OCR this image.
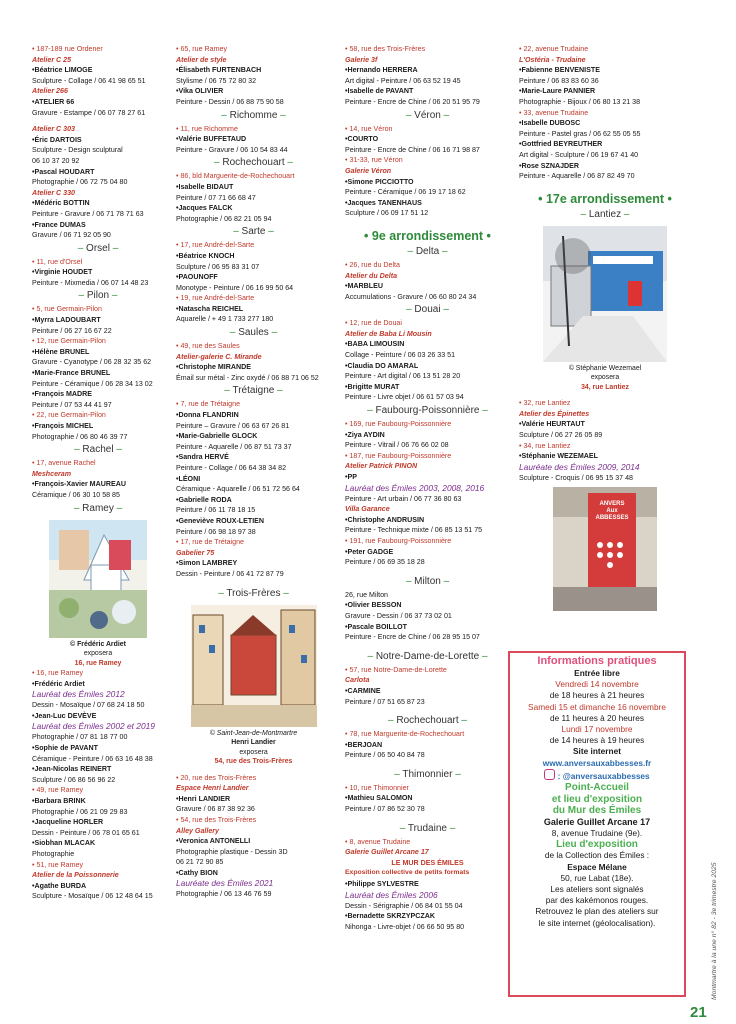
• 187-189 rue Ordener
Atelier C 25
• Béatrice LIMOGE
Sculpture - Collage / 06 41 98 65 51
Atelier 266
• ATELIER 66
Gravure - Estampe / 06 07 78 27 61
Atelier C 303
• Éric DARTOIS
Sculpture - Design sculptural
06 10 37 20 92
• Pascal HOUDART
Photographie / 06 72 75 04 80
Atelier C 330
• Médéric BOTTIN
Peinture - Gravure / 06 71 78 71 63
• France DUMAS
Gravure / 06 71 92 05 90
– Orsel –
• 11, rue d'Orsel
• Virginie HOUDET
Peinture - Mixmedia / 06 07 14 48 23
– Pilon –
• 5, rue Germain-Pilon
• Myrra LADOUBART
Peinture / 06 27 16 67 22
• 12, rue Germain-Pilon
• Hélène BRUNEL
Gravure - Cyanotype / 06 28 32 35 62
• Marie-France BRUNEL
Peinture - Céramique / 06 28 34 13 02
• François MADRE
Peinture / 07 53 44 41 97
• 22, rue Germain-Pilon
• François MICHEL
Photographie / 06 80 46 39 77
– Rachel –
• 17, avenue Rachel
Meshceram
• François-Xavier MAUREAU
Céramique / 06 30 10 58 85
– Ramey –
© Frédéric Ardiet
exposera
16, rue Ramey
• 16, rue Ramey
• Frédéric Ardiet
Lauréat des Émiles 2012
Dessin - Mosaïque / 07 68 24 18 50
• Jean-Luc DEVÈVE
Lauréat des Émiles 2002 et 2019
Photographie / 07 81 18 77 00
• Sophie de PAVANT
Céramique - Peinture / 06 63 16 48 38
• Jean-Nicolas REINERT
Sculpture / 06 86 56 96 22
• 49, rue Ramey
• Barbara BRINK
Photographie / 06 21 09 29 83
• Jacqueline HORLER
Dessin - Peinture / 06 78 01 65 61
• Siobhan MLACAK
Photographie
• 51, rue Ramey
Atelier de la Poissonnerie
• Agathe BURDA
Sculpture - Mosaïque / 06 12 48 64 15
• 65, rue Ramey
Atelier de style
• Élisabeth FURTENBACH
Stylisme / 06 75 72 80 32
• Vika OLIVIER
Peinture - Dessin / 06 88 75 90 58
– Richomme –
• 11, rue Richomme
• Valérie BUFFETAUD
Peinture - Gravure / 06 10 54 83 44
– Rochechouart –
• 86, bld Marguerite-de-Rochechouart
• Isabelle BIDAUT
Peinture / 07 71 66 68 47
• Jacques FALCK
Photographie / 06 82 21 05 94
– Sarte –
• 17, rue André-del-Sarte
• Béatrice KNOCH
Sculpture / 06 95 83 31 07
• PAOUNOFF
Monotype - Peinture / 06 16 99 50 64
• 19, rue André-del-Sarte
• Natascha REICHEL
Aquarelle / + 49 1 733 277 180
– Saules –
• 49, rue des Saules
Atelier-galerie C. Mirande
• Christophe MIRANDE
Émail sur métal - Zinc oxydé / 06 88 71 06 52
– Trétaigne –
• 7, rue de Trétaigne
• Donna FLANDRIN
Peinture – Gravure / 06 63 67 26 81
• Marie-Gabrielle GLOCK
Peinture - Aquarelle / 06 87 51 73 37
• Sandra HERVÉ
Peinture - Collage / 06 64 38 34 82
• LÉONI
Céramique - Aquarelle / 06 51 72 56 64
• Gabrielle RODA
Peinture / 06 11 78 18 15
• Geneviève ROUX-LETIEN
Peinture / 06 98 18 97 38
• 17, rue de Trétaigne
Gabelier 75
• Simon LAMBREY
Dessin - Peinture / 06 41 72 87 79
– Trois-Frères –
© Saint-Jean-de-Montmartre
Henri Landier
exposera
54, rue des Trois-Frères
• 20, rue des Trois-Frères
Espace Henri Landier
• Henri LANDIER
Gravure / 06 87 38 92 36
• 54, rue des Trois-Frères
Alley Gallery
• Veronica ANTONELLI
Photographie plastique - Dessin 3D
06 21 72 90 85
• Cathy BION
Lauréate des Émiles 2021
Photographie / 06 13 46 76 59
• 58, rue des Trois-Frères
Galerie 3f
• Hernando HERRERA
Art digital - Peinture / 06 63 52 19 45
• Isabelle de PAVANT
Peinture - Encre de Chine / 06 20 51 95 79
– Véron –
• 14, rue Véron
• COURTO
Peinture - Encre de Chine / 06 16 71 98 87
• 31-33, rue Véron
Galerie Véron
• Simone PICCIOTTO
Peinture - Céramique / 06 19 17 18 62
• Jacques TANENHAUS
Sculpture / 06 09 17 51 12
• 9e arrondissement •
– Delta –
• 26, rue du Delta
Atelier du Delta
• MARBLEU
Accumulations - Gravure / 06 60 80 24 34
– Douai –
• 12, rue de Douai
Atelier de Baba Li Mousin
• BABA LIMOUSIN
Collage - Peinture / 06 03 26 33 51
• Claudia DO AMARAL
Peinture - Art digital / 06 13 51 28 20
• Brigitte MURAT
Peinture - Livre objet / 06 61 57 03 94
– Faubourg-Poissonnière –
• 169, rue Faubourg-Poissonnière
• Ziya AYDIN
Peinture - Vitrail / 06 76 66 02 08
• 187, rue Faubourg-Poissonnière
Atelier Patrick PINON
• PP
Lauréat des Émiles 2003, 2008, 2016
Peinture - Art urbain / 06 77 36 80 63
Villa Garance
• Christophe ANDRUSIN
Peinture - Technique mixte / 06 85 13 51 75
• 191, rue Faubourg-Poissonnière
• Peter GADGE
Peinture / 06 69 35 18 28
– Milton –
26, rue Milton
• Olivier BESSON
Gravure - Dessin / 06 37 73 02 01
• Pascale BOILLOT
Peinture - Encre de Chine / 06 28 95 15 07
– Notre-Dame-de-Lorette –
• 57, rue Notre-Dame-de-Lorette
Carlota
• CARMINE
Peinture / 07 51 65 87 23
– Rochechouart –
• 78, rue Marguerite-de-Rochechouart
• BERJOAN
Peinture / 06 50 40 84 78
– Thimonnier –
• 10, rue Thimonnier
• Mathieu SALOMON
Peinture / 07 86 52 30 78
– Trudaine –
• 8, avenue Trudaine
Galerie Guillet Arcane 17
LE MUR DES ÉMILES
Exposition collective de petits formats
• Philippe SYLVESTRE
Lauréat des Émiles 2006
Dessin - Sérigraphie / 06 84 01 55 04
• Bernadette SKRZYPCZAK
Nihonga - Livre-objet / 06 66 50 95 80
• 22, avenue Trudaine
L'Ostéria - Trudaine
• Fabienne BENVENISTE
Peinture / 06 83 83 60 36
• Marie-Laure PANNIER
Photographie - Bijoux / 06 80 13 21 38
• 33, avenue Trudaine
• Isabelle DUBOSC
Peinture - Pastel gras / 06 62 55 05 55
• Gottfried BEYREUTHER
Art digital - Sculpture / 06 19 67 41 40
• Rose SZNAJDER
Peinture - Aquarelle / 06 87 82 49 70
• 17e arrondissement •
– Lantiez –
© Stéphanie Wezemael
exposera
34, rue Lantiez
• 32, rue Lantiez
Atelier des Épinettes
• Valérie HEURTAUT
Sculpture / 06 27 26 05 89
• 34, rue Lantiez
• Stéphanie WEZEMAEL
Lauréate des Émiles 2009, 2014
Sculpture - Croquis / 06 95 15 37 48
ANVERS
Aux
ABBESSES
Informations pratiques
Entrée libre
Vendredi 14 novembre
de 18 heures à 21 heures
Samedi 15 et dimanche 16 novembre
de 11 heures à 20 heures
Lundi 17 novembre
de 14 heures à 19 heures
Site internet
www.anversauxabbesses.fr
: @anversauxabbesses
Point-Accueil
et lieu d'exposition
du Mur des Émiles
Galerie Guillet Arcane 17
8, avenue Trudaine (9e).
Lieu d'exposition
de la Collection des Émiles :
Espace Mélane
50, rue Labat (18e).
Les ateliers sont signalés
par des kakémonos rouges.
Retrouvez le plan des ateliers sur
le site internet (géolocalisation).	Montmartre à la une n° 82 - 3e trimestre 2025
21
